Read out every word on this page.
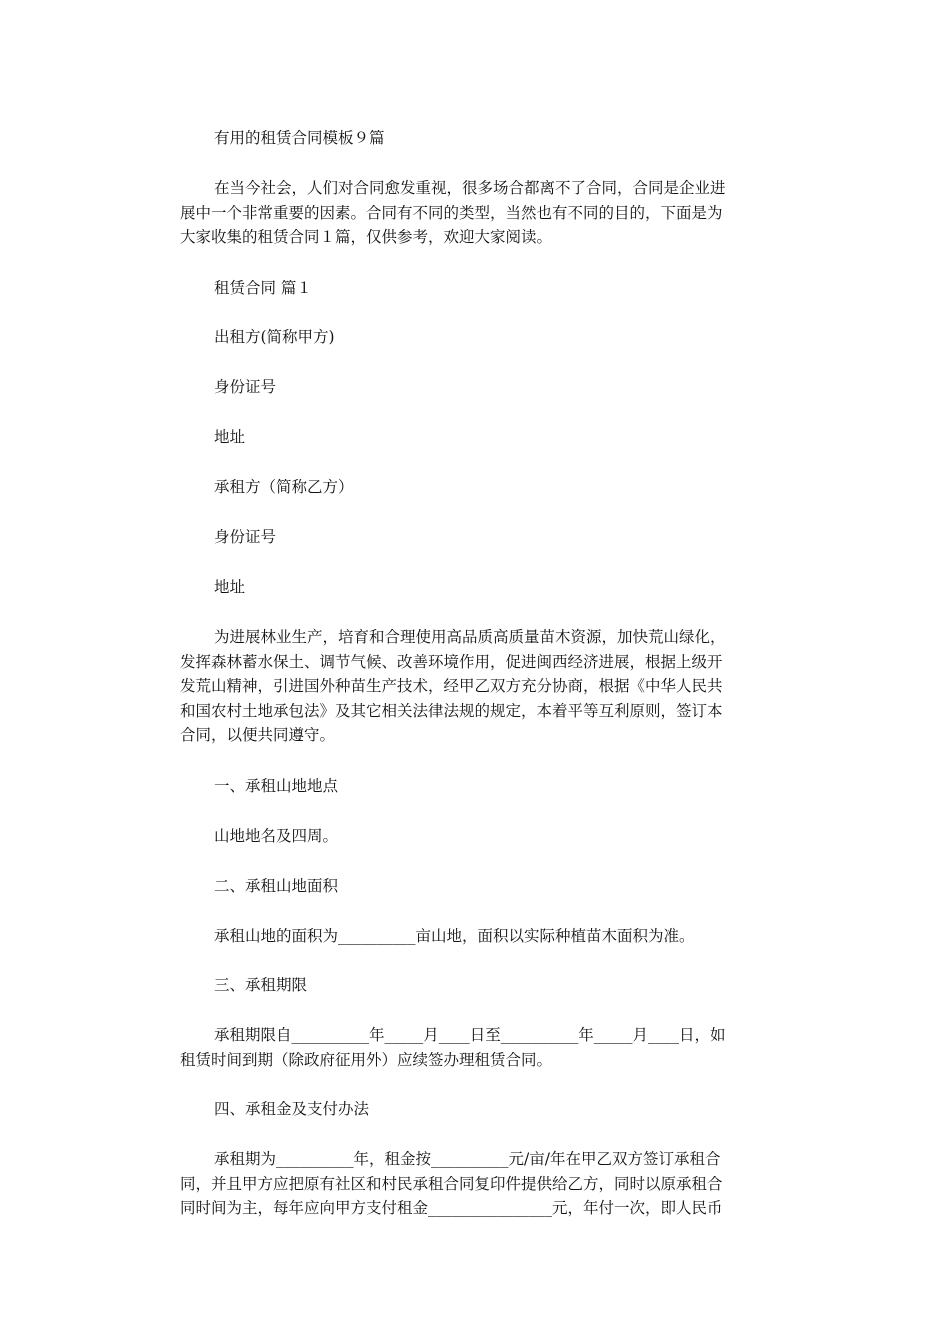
有用的租赁合同模板９篇

在当今社会，人们对合同愈发重视，很多场合都离不了合同，合同是企业进
展中一个非常重要的因素。合同有不同的类型，当然也有不同的目的，下面是为
大家收集的租赁合同１篇，仅供参考，欢迎大家阅读。

租赁合同 篇１

出租方(简称甲方)

身份证号

地址

承租方（简称乙方）

身份证号

地址

为进展林业生产，培育和合理使用高品质高质量苗木资源，加快荒山绿化，
发挥森林蓄水保土、调节气候、改善环境作用，促进闽西经济进展，根据上级开
发荒山精神，引进国外种苗生产技术，经甲乙双方充分协商，根据《中华人民共
和国农村土地承包法》及其它相关法律法规的规定，本着平等互利原则，签订本
合同，以便共同遵守。

一、承租山地地点

山地地名及四周。

二、承租山地面积

承租山地的面积为__________亩山地，面积以实际种植苗木面积为准。

三、承租期限

承租期限自__________年_____月____日至__________年_____月____日，如
租赁时间到期（除政府征用外）应续签办理租赁合同。

四、承租金及支付办法

承租期为__________年，租金按__________元/亩/年在甲乙双方签订承租合
同，并且甲方应把原有社区和村民承租合同复印件提供给乙方，同时以原承租合
同时间为主，每年应向甲方支付租金________________元，年付一次，即人民币
